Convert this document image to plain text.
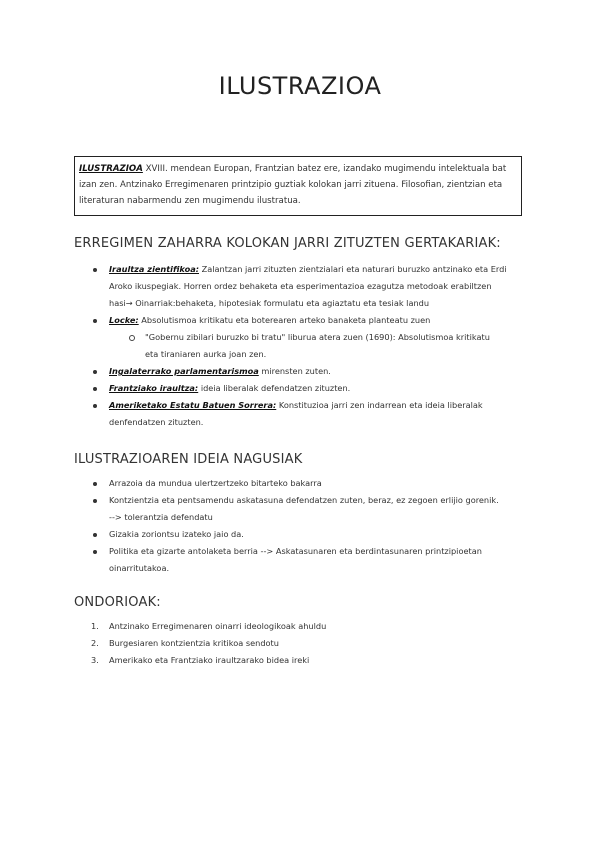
ILUSTRAZIOA
ILUSTRAZIOA XVIII. mendean Europan, Frantzian batez ere, izandako mugimendu intelektuala bat izan zen. Antzinako Erregimenaren printzipio guztiak kolokan jarri zituena. Filosofian, zientzian eta literaturan nabarmendu zen mugimendu ilustratua.
ERREGIMEN ZAHARRA KOLOKAN JARRI ZITUZTEN GERTAKARIAK:
Iraultza zientifikoa: Zalantzan jarri zituzten zientzialari eta naturari buruzko antzinako eta Erdi
Aroko ikuspegiak. Horren ordez behaketa eta esperimentazioa ezagutza metodoak erabiltzen
hasi→ Oinarriak:behaketa, hipotesiak formulatu eta agiaztatu eta tesiak landu
Locke: Absolutismoa kritikatu eta boterearen arteko banaketa planteatu zuen
"Gobernu zibilari buruzko bi tratu" liburua atera zuen (1690): Absolutismoa kritikatu
eta tiraniaren aurka joan zen.
Ingalaterrako parlamentarismoa mirensten zuten.
Frantziako iraultza: ideia liberalak defendatzen zituzten.
Ameriketako Estatu Batuen Sorrera: Konstituzioa jarri zen indarrean eta ideia liberalak
denfendatzen zituzten.
ILUSTRAZIOAREN IDEIA NAGUSIAK
Arrazoia da munduа ulertzertzeko bitarteko bakarra
Kontzientzia eta pentsamendu askatasuna defendatzen zuten, beraz, ez zegoen erlijio gorenik.
--> tolerantzia defendatu
Gizakia zoriontsu izateko jaio da.
Politika eta gizarte antolaketa berria --> Askatasunaren eta berdintasunaren printzipioetan
oinarritutakoa.
ONDORIOAK:
1. Antzinako Erregimenaren oinarri ideologikoak ahuldu
2. Burgesiaren kontzientzia kritikoa sendotu
3. Amerikako eta Frantziako iraultzarako bidea ireki
